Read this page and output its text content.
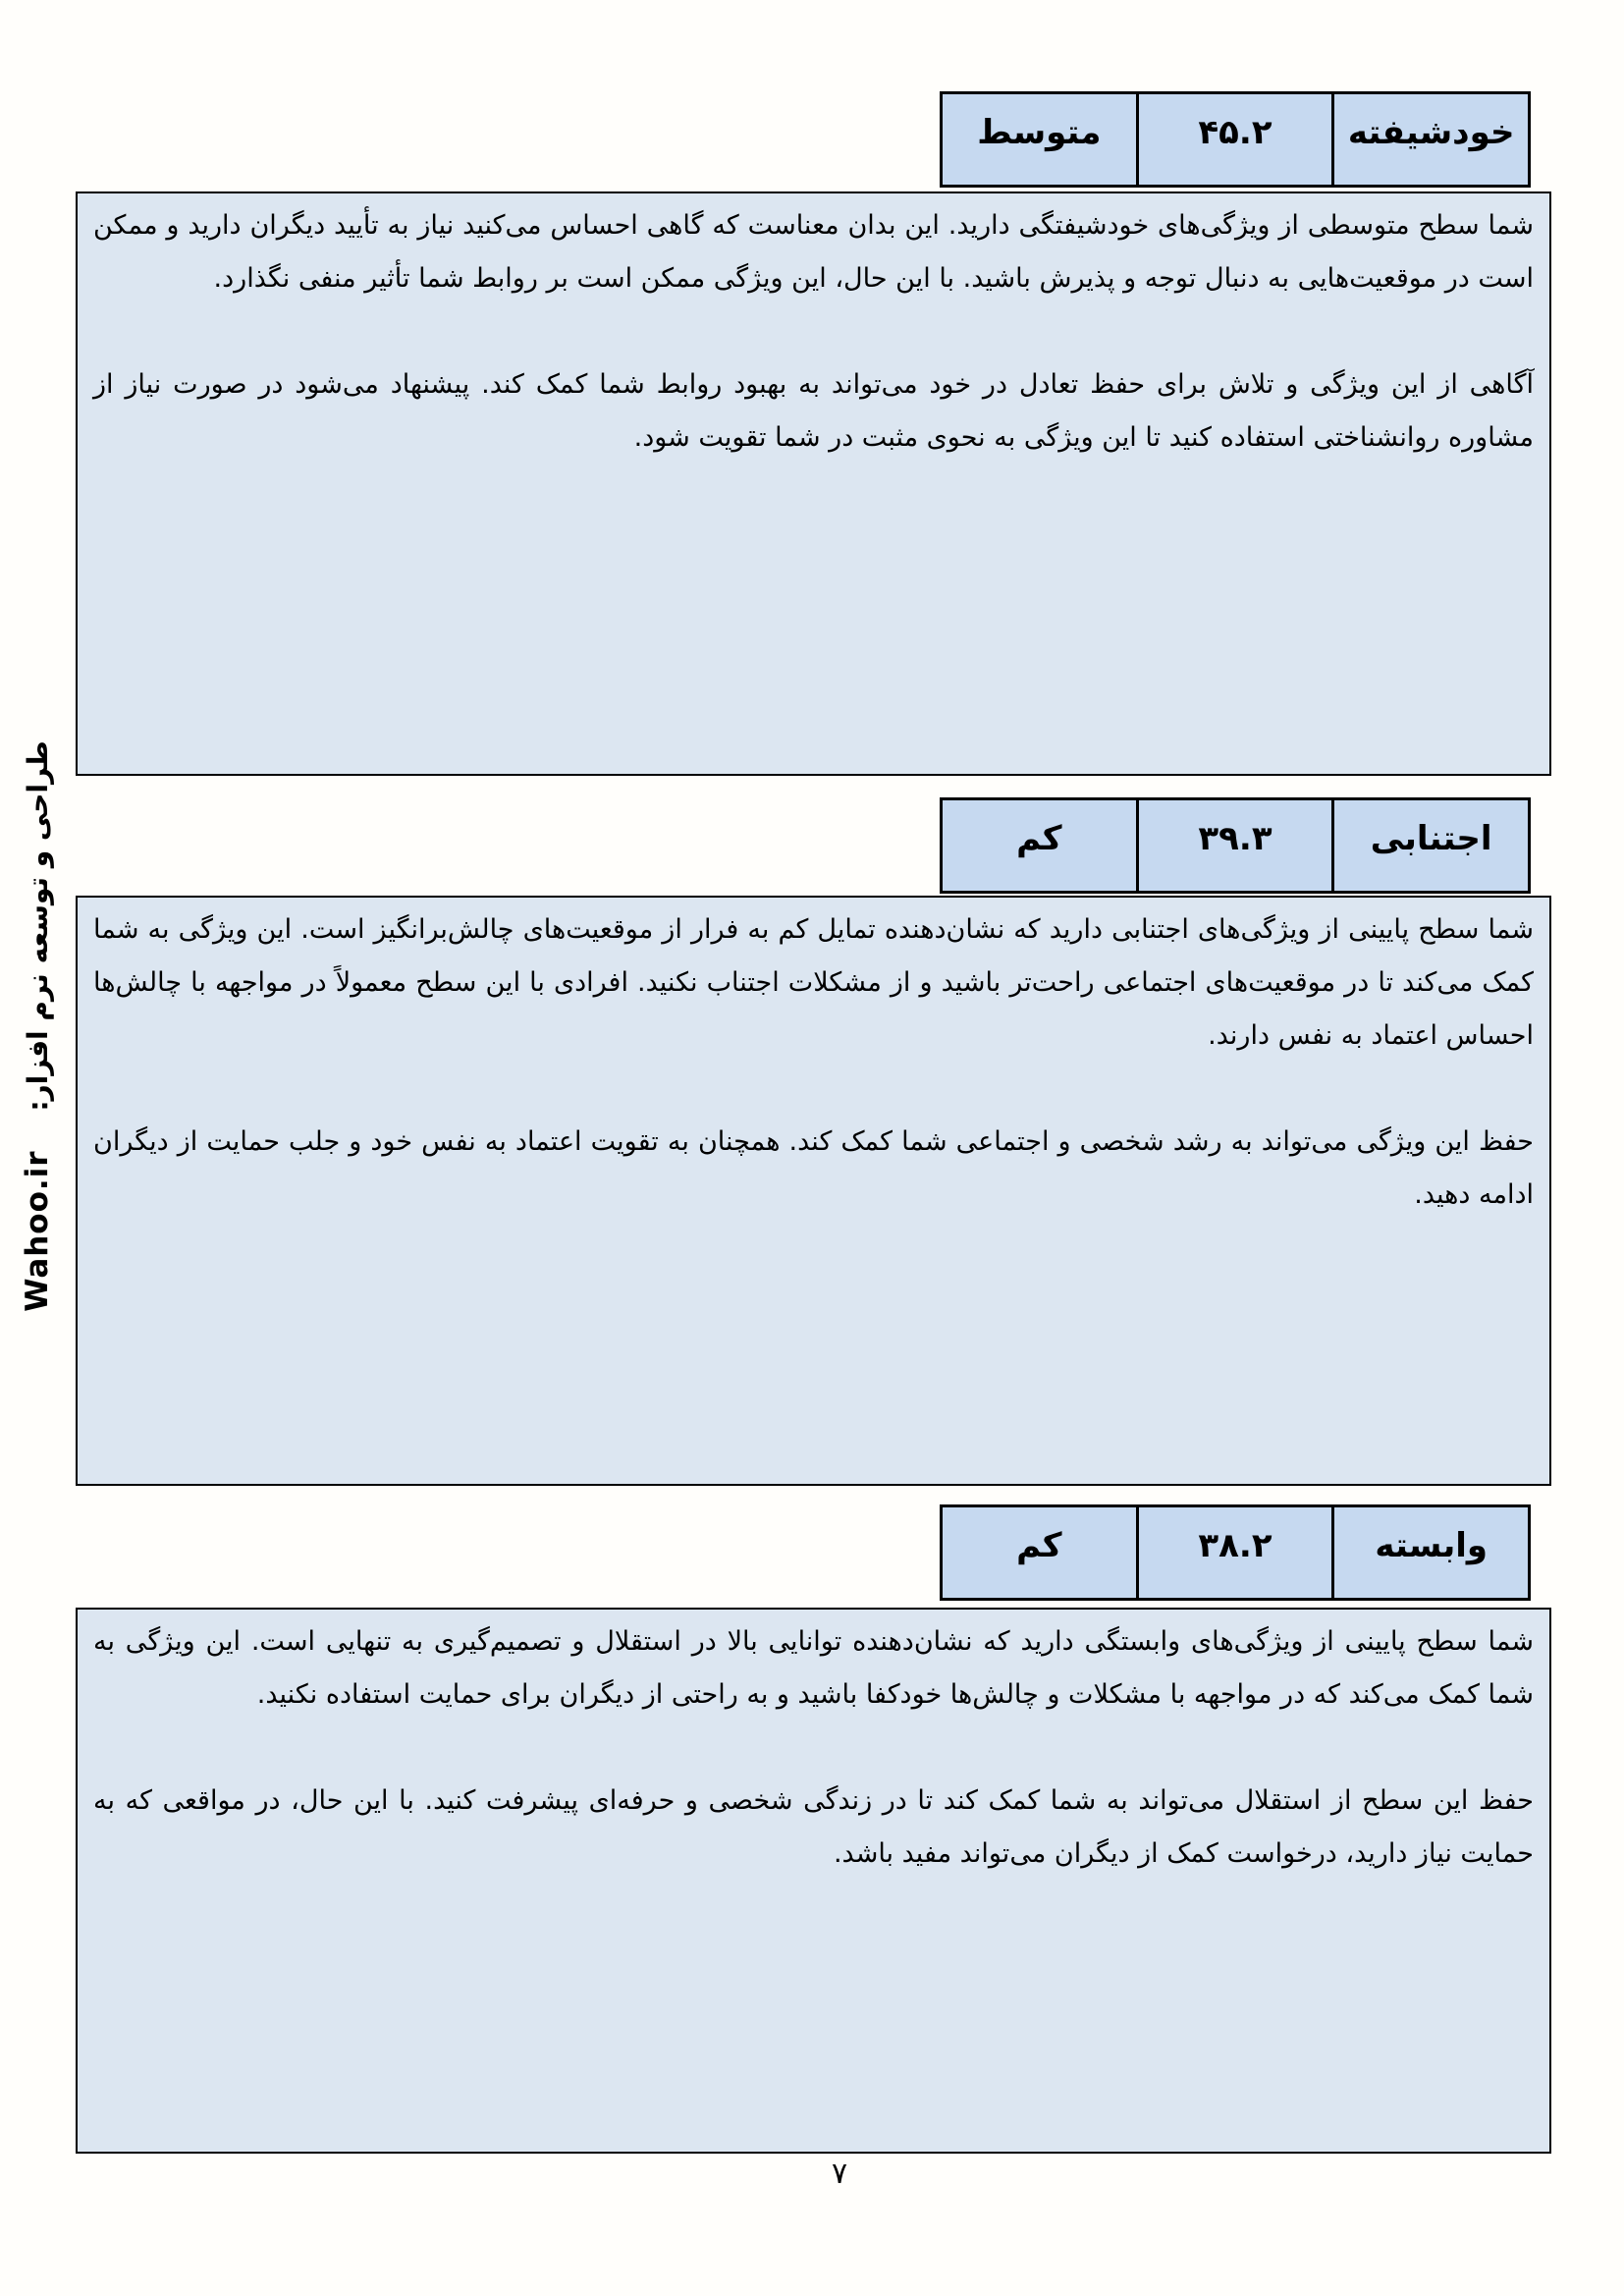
خودشیفته
۴۵.۲
متوسط

شما سطح متوسطی از ویژگی‌های خودشیفتگی دارید. این بدان معناست که گاهی احساس می‌کنید نیاز به تأیید دیگران دارید و ممکن است در موقعیت‌هایی به دنبال توجه و پذیرش باشید. با این حال، این ویژگی ممکن است بر روابط شما تأثیر منفی نگذارد.

آگاهی از این ویژگی و تلاش برای حفظ تعادل در خود می‌تواند به بهبود روابط شما کمک کند. پیشنهاد می‌شود در صورت نیاز از مشاوره روانشناختی استفاده کنید تا این ویژگی به نحوی مثبت در شما تقویت شود.

اجتنابی
۳۹.۳
کم

شما سطح پایینی از ویژگی‌های اجتنابی دارید که نشان‌دهنده تمایل کم به فرار از موقعیت‌های چالش‌برانگیز است. این ویژگی به شما کمک می‌کند تا در موقعیت‌های اجتماعی راحت‌تر باشید و از مشکلات اجتناب نکنید. افرادی با این سطح معمولاً در مواجهه با چالش‌ها احساس اعتماد به نفس دارند.

حفظ این ویژگی می‌تواند به رشد شخصی و اجتماعی شما کمک کند. همچنان به تقویت اعتماد به نفس خود و جلب حمایت از دیگران ادامه دهید.

وابسته
۳۸.۲
کم

شما سطح پایینی از ویژگی‌های وابستگی دارید که نشان‌دهنده توانایی بالا در استقلال و تصمیم‌گیری به تنهایی است. این ویژگی به شما کمک می‌کند که در مواجهه با مشکلات و چالش‌ها خودکفا باشید و به راحتی از دیگران برای حمایت استفاده نکنید.

حفظ این سطح از استقلال می‌تواند به شما کمک کند تا در زندگی شخصی و حرفه‌ای پیشرفت کنید. با این حال، در مواقعی که به حمایت نیاز دارید، درخواست کمک از دیگران می‌تواند مفید باشد.

طراحی و توسعه نرم افزار: Wahoo.ir
۷
